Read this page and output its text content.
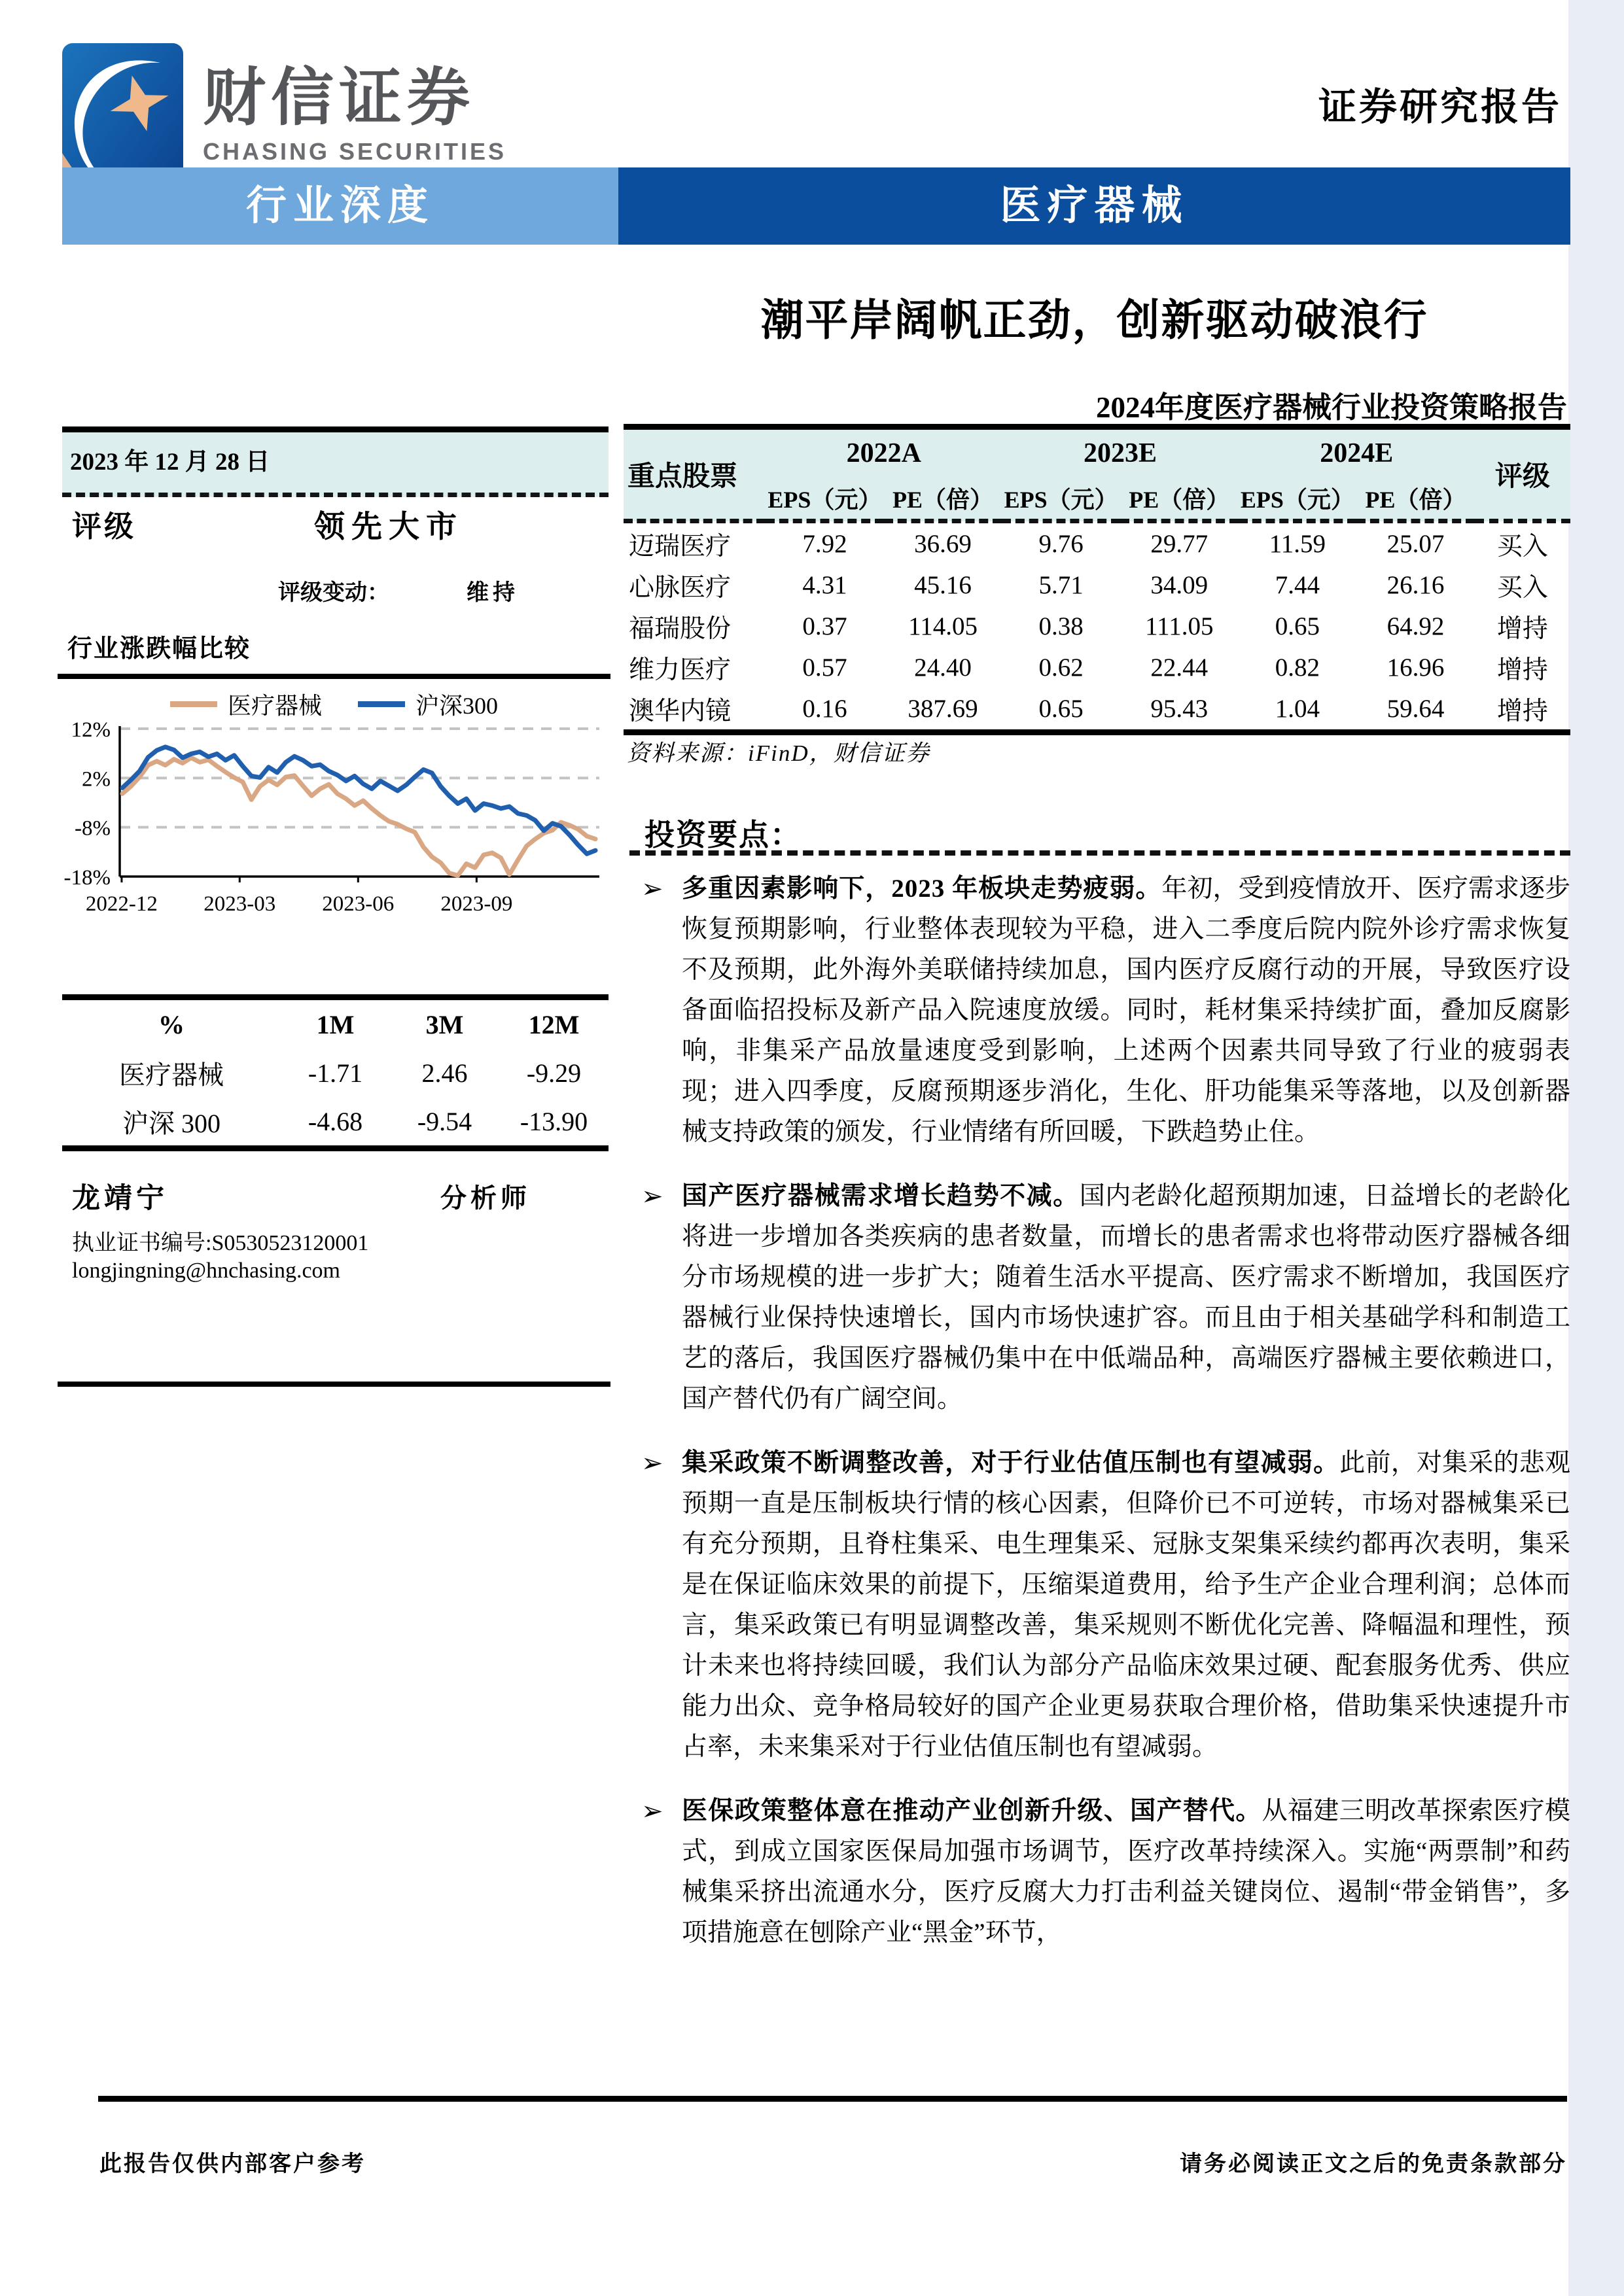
财信证券
CHASING SECURITIES
证券研究报告
行业深度	医疗器械
潮平岸阔帆正劲，创新驱动破浪行
2024年度医疗器械行业投资策略报告
2023 年 12 月 28 日
评级	领先大市
评级变动：	维持
行业涨跌幅比较
医疗器械	沪深300
12%
2%
-8%
-18%
2022-12 2023-03 2023-06 2023-09
%	1M	3M	12M
医疗器械	-1.71	2.46	-9.29
沪深 300	-4.68	-9.54	-13.90
龙靖宁	分析师
执业证书编号:S0530523120001
longjingning@hnchasing.com
重点股票	2022A		2023E		2024E		评级
	EPS（元）	PE（倍）	EPS（元）	PE（倍）	EPS（元）	PE（倍）	
迈瑞医疗	7.92	36.69	9.76	29.77	11.59	25.07	买入
心脉医疗	4.31	45.16	5.71	34.09	7.44	26.16	买入
福瑞股份	0.37	114.05	0.38	111.05	0.65	64.92	增持
维力医疗	0.57	24.40	0.62	22.44	0.82	16.96	增持
澳华内镜	0.16	387.69	0.65	95.43	1.04	59.64	增持
资料来源：iFinD，财信证券
投资要点：
➢ 多重因素影响下，2023 年板块走势疲弱。年初，受到疫情放开、医疗需求逐步恢复预期影响，行业整体表现较为平稳，进入二季度后院内院外诊疗需求恢复不及预期，此外海外美联储持续加息，国内医疗反腐行动的开展，导致医疗设备面临招投标及新产品入院速度放缓。同时，耗材集采持续扩面，叠加反腐影响，非集采产品放量速度受到影响，上述两个因素共同导致了行业的疲弱表现；进入四季度，反腐预期逐步消化，生化、肝功能集采等落地，以及创新器械支持政策的颁发，行业情绪有所回暖，下跌趋势止住。
➢ 国产医疗器械需求增长趋势不减。国内老龄化超预期加速，日益增长的老龄化将进一步增加各类疾病的患者数量，而增长的患者需求也将带动医疗器械各细分市场规模的进一步扩大；随着生活水平提高、医疗需求不断增加，我国医疗器械行业保持快速增长，国内市场快速扩容。而且由于相关基础学科和制造工艺的落后，我国医疗器械仍集中在中低端品种，高端医疗器械主要依赖进口，国产替代仍有广阔空间。
➢ 集采政策不断调整改善，对于行业估值压制也有望减弱。此前，对集采的悲观预期一直是压制板块行情的核心因素，但降价已不可逆转，市场对器械集采已有充分预期，且脊柱集采、电生理集采、冠脉支架集采续约都再次表明，集采是在保证临床效果的前提下，压缩渠道费用，给予生产企业合理利润；总体而言，集采政策已有明显调整改善，集采规则不断优化完善、降幅温和理性，预计未来也将持续回暖，我们认为部分产品临床效果过硬、配套服务优秀、供应能力出众、竞争格局较好的国产企业更易获取合理价格，借助集采快速提升市占率，未来集采对于行业估值压制也有望减弱。
➢ 医保政策整体意在推动产业创新升级、国产替代。从福建三明改革探索医疗模式，到成立国家医保局加强市场调节，医疗改革持续深入。实施“两票制”和药械集采挤出流通水分，医疗反腐大力打击利益关键岗位、遏制“带金销售”，多项措施意在刨除产业“黑金”环节，
此报告仅供内部客户参考	请务必阅读正文之后的免责条款部分
